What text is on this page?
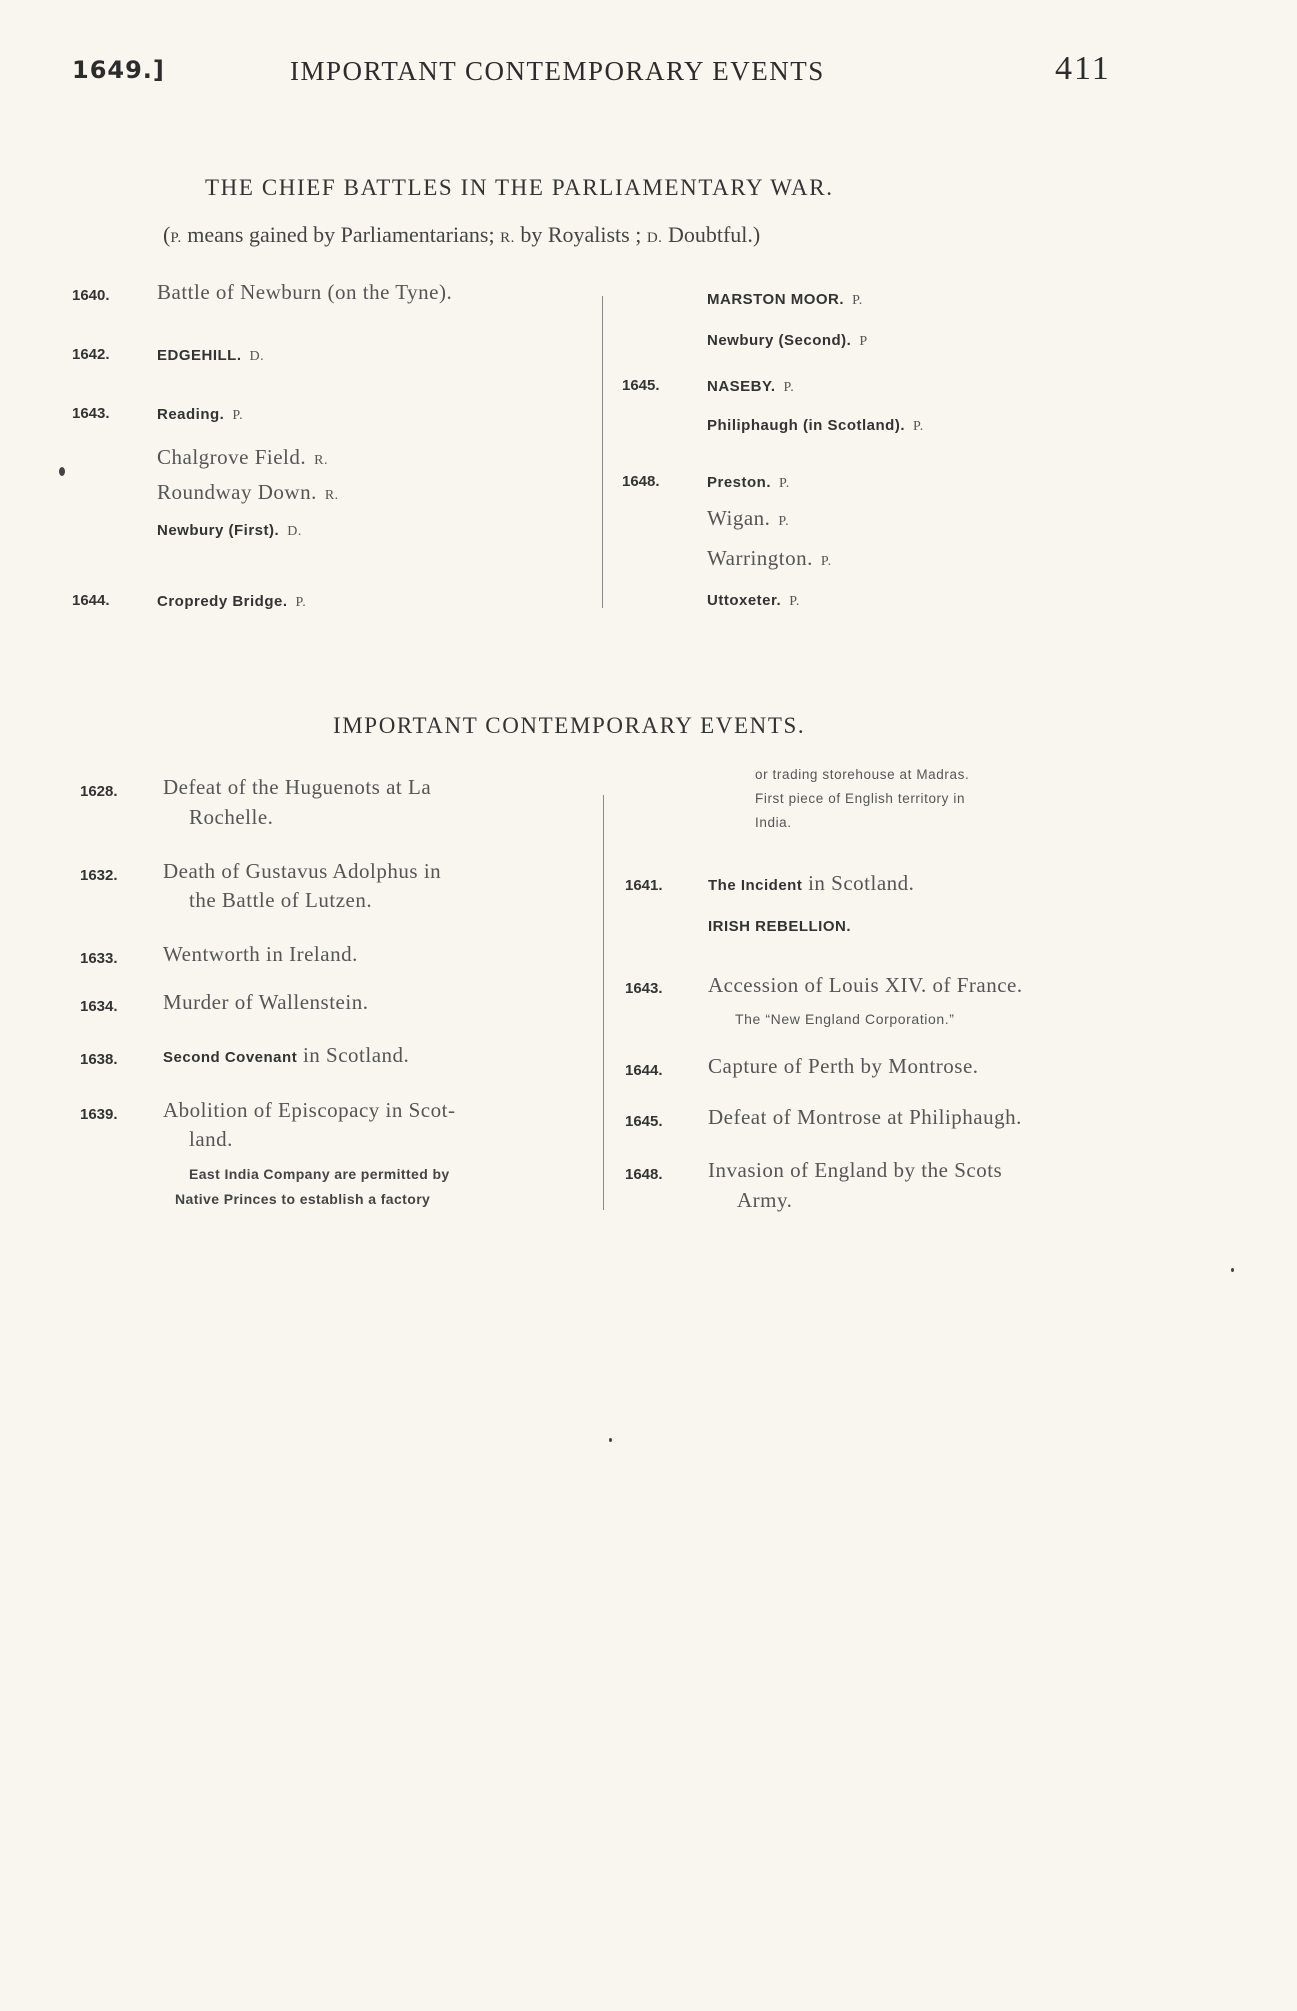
1649.]	IMPORTANT CONTEMPORARY EVENTS	411
THE CHIEF BATTLES IN THE PARLIAMENTARY WAR.
(P. means gained by Parliamentarians; R. by Royalists ; D. Doubtful.)
1640. Battle of Newburn (on the Tyne).
1642.	EDGEHILL. D.
1643.	Reading. P.
Chalgrove Field. R.
Roundway Down. R.
Newbury (First). D.
1644.	Cropredy Bridge. P.
MARSTON MOOR. P.
Newbury (Second). P
1645.	NASEBY. P.
Philiphaugh (in Scotland). P.
1648.	Preston. P.
Wigan. P.
Warrington. P.
Uttoxeter. P.
IMPORTANT CONTEMPORARY EVENTS.
1628. Defeat of the Huguenots at La
Rochelle.
1632. Death of Gustavus Adolphus in
the Battle of Lutzen.
1633. Wentworth in Ireland.
1634. Murder of Wallenstein.
1638.	Second Covenant in Scotland.
1639. Abolition of Episcopacy in Scot-
land.
East India Company are permitted by
Native Princes to establish a factory
or trading storehouse at Madras.
First piece of English territory in
India.
1641.	The Incident in Scotland.
IRISH REBELLION.
1643. Accession of Louis XIV. of France.
The “New England Corporation.”
1644. Capture of Perth by Montrose.
1645. Defeat of Montrose at Philiphaugh.
1648. Invasion of England by the Scots
Army.
